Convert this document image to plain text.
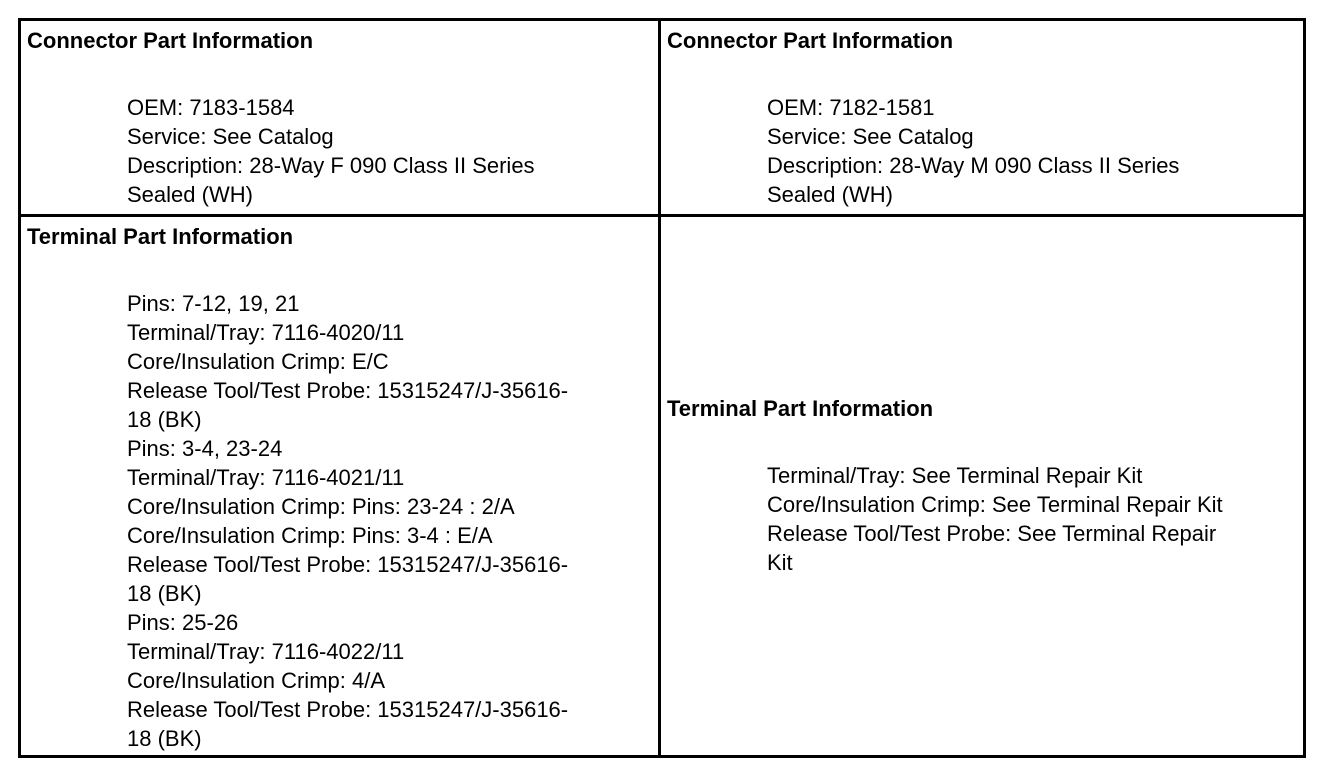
Connector Part Information

OEM: 7183-1584
Service: See Catalog
Description: 28-Way F 090 Class II Series
Sealed (WH)

Connector Part Information

OEM: 7182-1581
Service: See Catalog
Description: 28-Way M 090 Class II Series
Sealed (WH)

Terminal Part Information

Pins: 7-12, 19, 21
Terminal/Tray: 7116-4020/11
Core/Insulation Crimp: E/C
Release Tool/Test Probe: 15315247/J-35616-
18 (BK)
Pins: 3-4, 23-24
Terminal/Tray: 7116-4021/11
Core/Insulation Crimp: Pins: 23-24 : 2/A
Core/Insulation Crimp: Pins: 3-4 : E/A
Release Tool/Test Probe: 15315247/J-35616-
18 (BK)
Pins: 25-26
Terminal/Tray: 7116-4022/11
Core/Insulation Crimp: 4/A
Release Tool/Test Probe: 15315247/J-35616-
18 (BK)

Terminal Part Information

Terminal/Tray: See Terminal Repair Kit
Core/Insulation Crimp: See Terminal Repair Kit
Release Tool/Test Probe: See Terminal Repair
Kit
